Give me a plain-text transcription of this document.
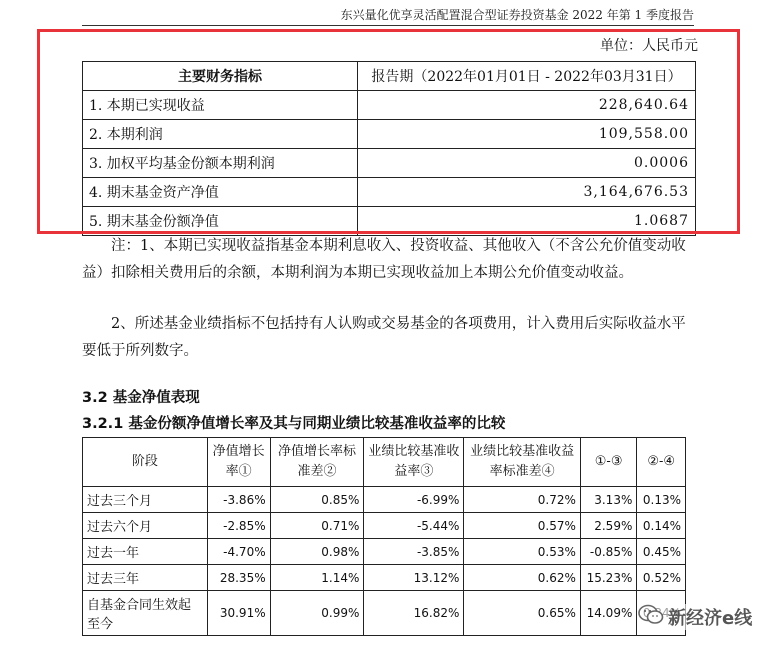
东兴量化优享灵活配置混合型证券投资基金 2022 年第 1 季度报告
单位：人民币元
主要财务指标	报告期（2022年01月01日 - 2022年03月31日）
1. 本期已实现收益	228,640.64
2. 本期利润	109,558.00
3. 加权平均基金份额本期利润	0.0006
4. 期末基金资产净值	3,164,676.53
5. 期末基金份额净值	1.0687

注：1、本期已实现收益指基金本期利息收入、投资收益、其他收入（不含公允价值变动收益）扣除相关费用后的余额，本期利润为本期已实现收益加上本期公允价值变动收益。

2、所述基金业绩指标不包括持有人认购或交易基金的各项费用，计入费用后实际收益水平要低于所列数字。

3.2 基金净值表现
3.2.1 基金份额净值增长率及其与同期业绩比较基准收益率的比较
阶段	净值增长率①	净值增长率标准差②	业绩比较基准收益率③	业绩比较基准收益率标准差④	①-③	②-④
过去三个月	-3.86%	0.85%	-6.99%	0.72%	3.13%	0.13%
过去六个月	-2.85%	0.71%	-5.44%	0.57%	2.59%	0.14%
过去一年	-4.70%	0.98%	-3.85%	0.53%	-0.85%	0.45%
过去三年	28.35%	1.14%	13.12%	0.62%	15.23%	0.52%
自基金合同生效起至今	30.91%	0.99%	16.82%	0.65%	14.09%	新经济e线
